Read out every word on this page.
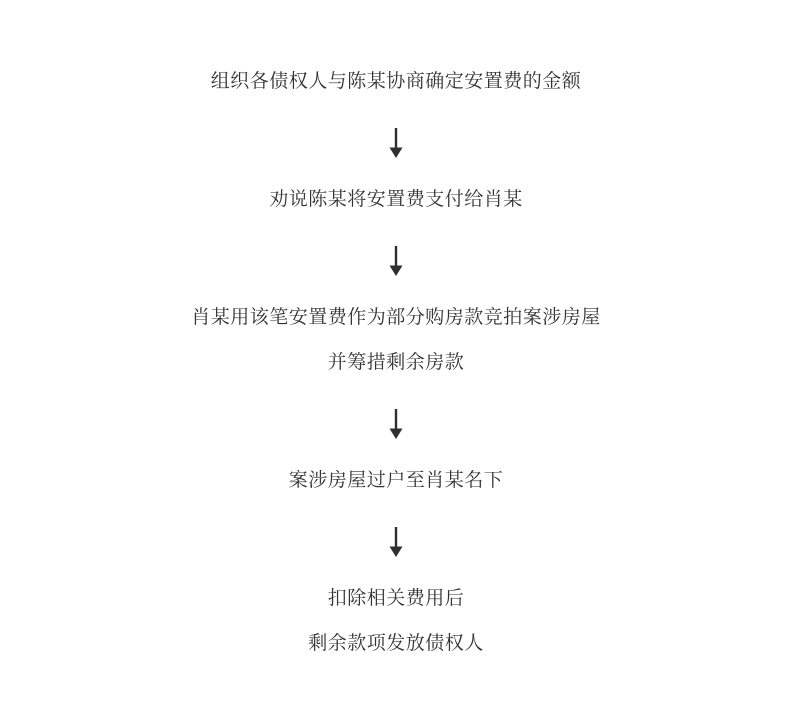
组织各债权人与陈某协商确定安置费的金额
劝说陈某将安置费支付给肖某
肖某用该笔安置费作为部分购房款竞拍案涉房屋
并筹措剩余房款
案涉房屋过户至肖某名下
扣除相关费用后
剩余款项发放债权人
